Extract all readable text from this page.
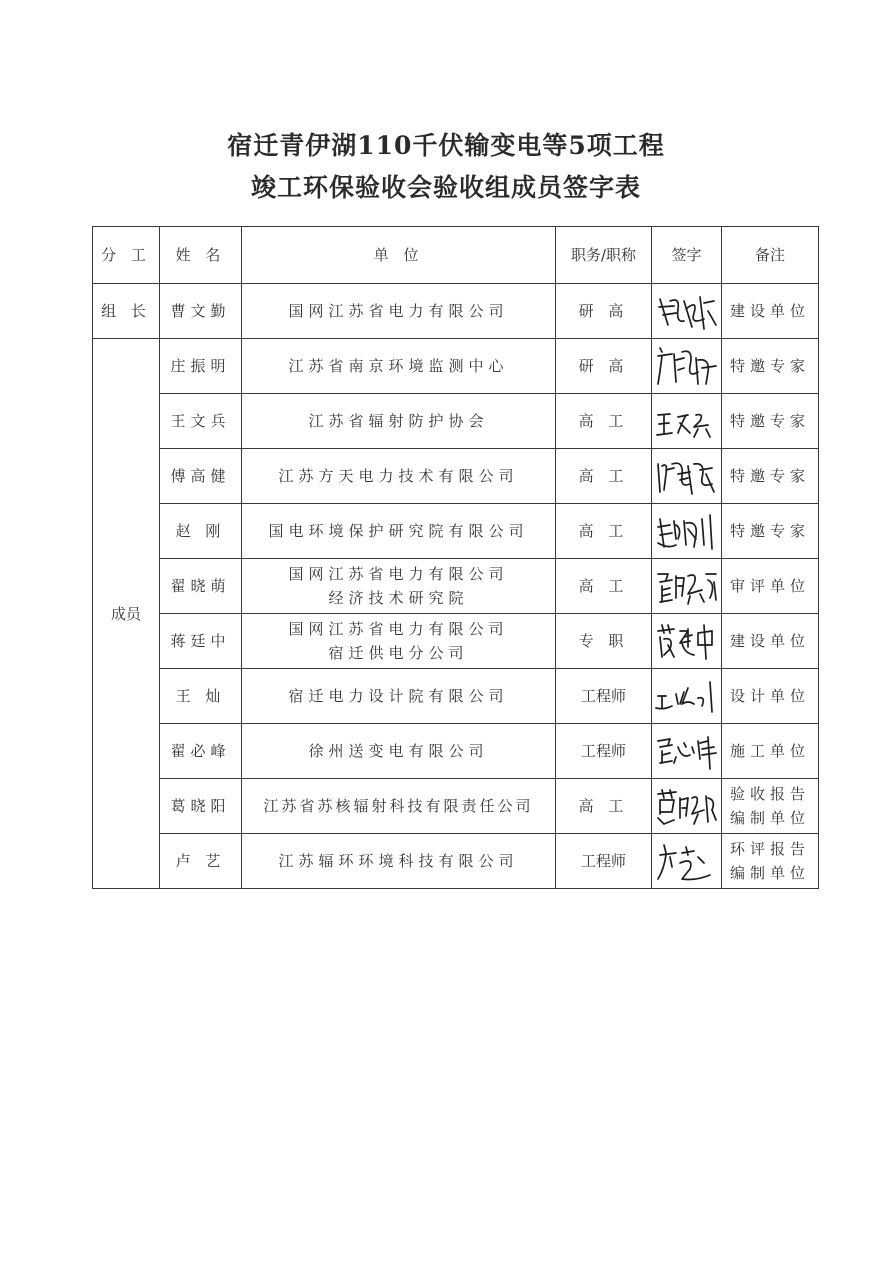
宿迁青伊湖110千伏输变电等5项工程
竣工环保验收会验收组成员签字表
分 工	姓 名	单 位	职务/职称	签字	备注
组 长	曹文勤	国网江苏省电力有限公司	研 高		建设单位

成员	庄振明	江苏省南京环境监测中心	研 高		特邀专家

	王文兵	江苏省辐射防护协会	高 工		特邀专家

	傅高健	江苏方天电力技术有限公司	高 工		特邀专家

	赵 刚	国电环境保护研究院有限公司	高 工		特邀专家

	翟晓萌	国网江苏省电力有限公司
经济技术研究院	高 工		审评单位

	蒋廷中	国网江苏省电力有限公司
宿迁供电分公司	专 职		建设单位

	王 灿	宿迁电力设计院有限公司	工程师		设计单位

	翟必峰	徐州送变电有限公司	工程师		施工单位

	葛晓阳	江苏省苏核辐射科技有限责任公司	高 工		验收报告
编制单位

	卢 艺	江苏辐环环境科技有限公司	工程师		环评报告
编制单位
